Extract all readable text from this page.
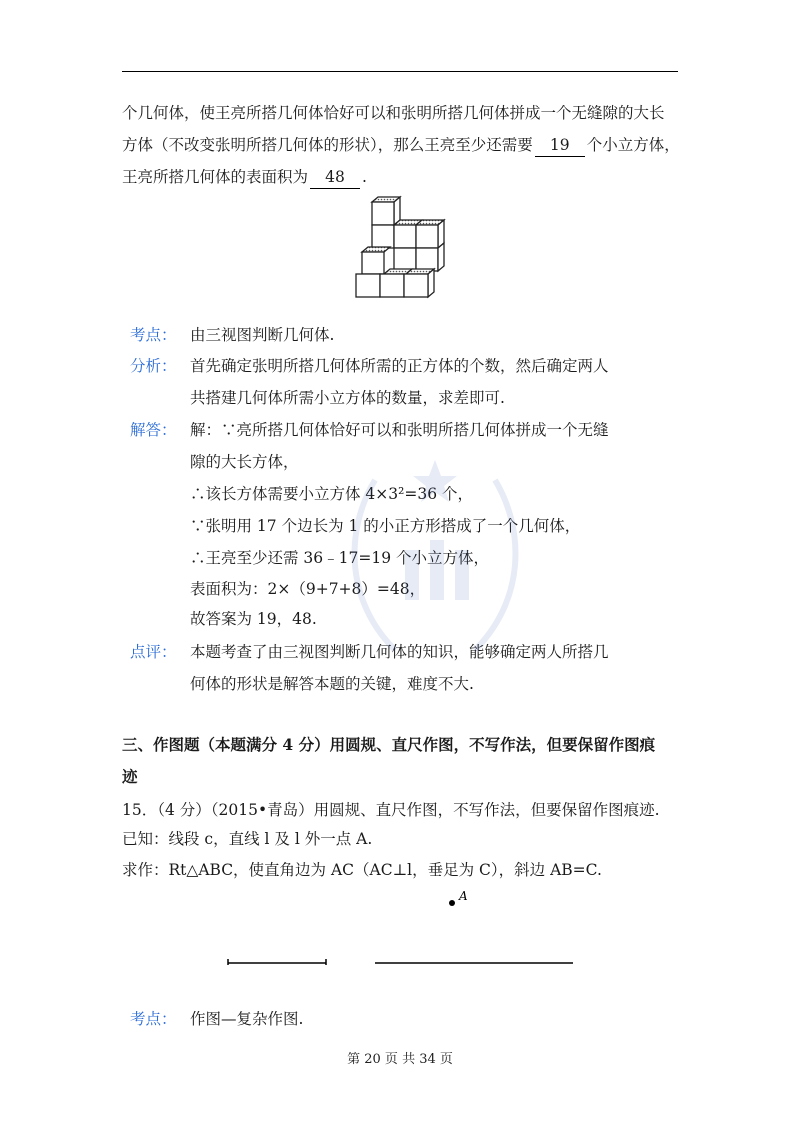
个几何体，使王亮所搭几何体恰好可以和张明所搭几何体拼成一个无缝隙的大长
方体（不改变张明所搭几何体的形状），那么王亮至少还需要 19 个小立方体，
王亮所搭几何体的表面积为 48 .
考点： 由三视图判断几何体.
分析： 首先确定张明所搭几何体所需的正方体的个数，然后确定两人
共搭建几何体所需小立方体的数量，求差即可.
解答： 解：∵亮所搭几何体恰好可以和张明所搭几何体拼成一个无缝
隙的大长方体，
∴该长方体需要小立方体 4×3²=36 个，
∵张明用 17 个边长为 1 的小正方形搭成了一个几何体，
∴王亮至少还需 36﹣17=19 个小立方体，
表面积为：2×（9+7+8）=48，
故答案为 19，48.
点评： 本题考查了由三视图判断几何体的知识，能够确定两人所搭几
何体的形状是解答本题的关键，难度不大.
三、作图题（本题满分 4 分）用圆规、直尺作图，不写作法，但要保留作图痕
迹
15．（4 分）（2015•青岛）用圆规、直尺作图，不写作法，但要保留作图痕迹.
已知：线段 c，直线 l 及 l 外一点 A.
求作：Rt△ABC，使直角边为 AC（AC⊥l，垂足为 C），斜边 AB=C.
A
考点： 作图—复杂作图.
第 20 页 共 34 页
